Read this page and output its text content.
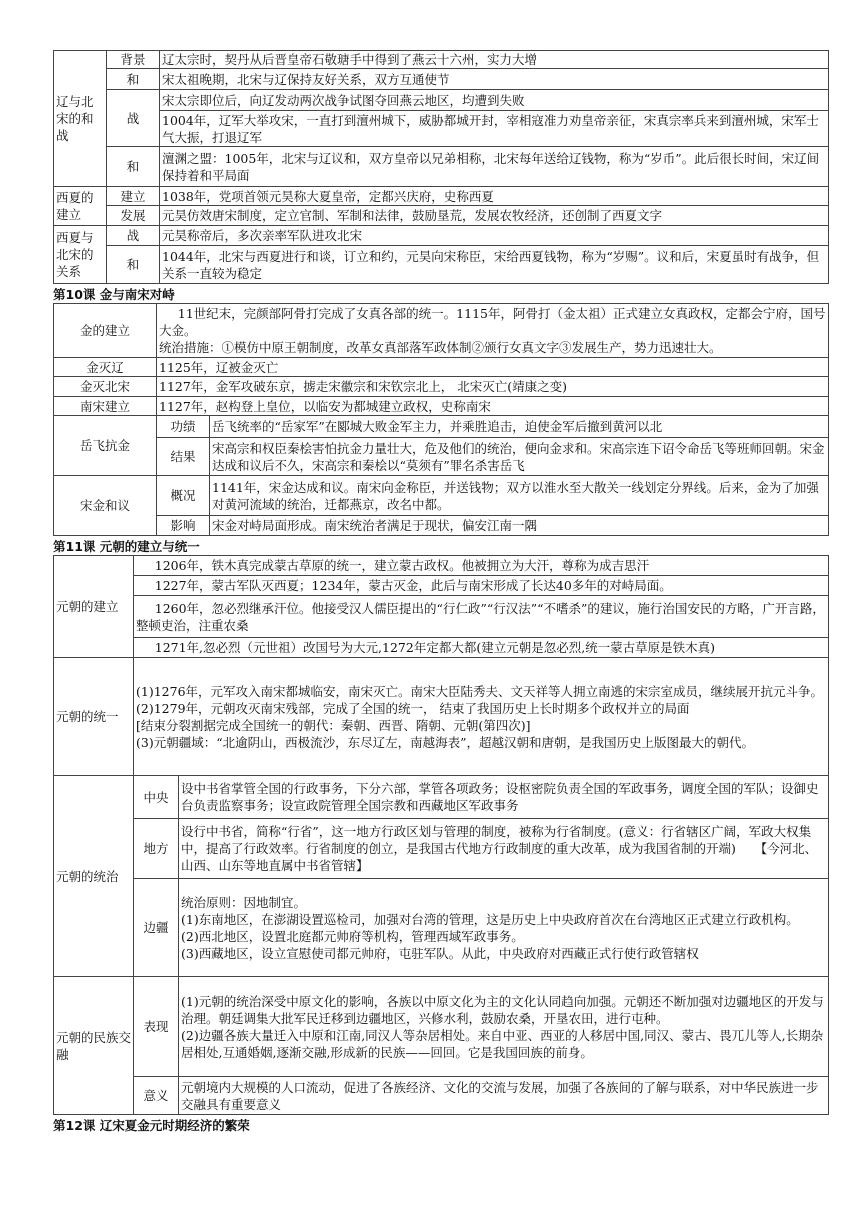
辽与北宋的和战	背景	辽太宗时，契丹从后晋皇帝石敬瑭手中得到了燕云十六州，实力大增
	和	宋太祖晚期，北宋与辽保持友好关系，双方互通使节
	战	宋太宗即位后，向辽发动两次战争试图夺回燕云地区，均遭到失败
		1004年，辽军大举攻宋，一直打到澶州城下，威胁都城开封，宰相寇准力劝皇帝亲征，宋真宗率兵来到澶州城，宋军士气大振，打退辽军
	和	澶渊之盟：1005年，北宋与辽议和，双方皇帝以兄弟相称，北宋每年送给辽钱物，称为“岁币”。此后很长时间，宋辽间保持着和平局面
西夏的建立	建立	1038年，党项首领元昊称大夏皇帝，定都兴庆府，史称西夏
	发展	元昊仿效唐宋制度，定立官制、军制和法律，鼓励垦荒，发展农牧经济，还创制了西夏文字
西夏与北宋的关系	战	元昊称帝后，多次亲率军队进攻北宋
	和	1044年，北宋与西夏进行和谈，订立和约，元昊向宋称臣，宋给西夏钱物，称为“岁赐”。议和后，宋夏虽时有战争，但关系一直较为稳定
第10课 金与南宋对峙
金的建立	11世纪末，完颜部阿骨打完成了女真各部的统一。1115年，阿骨打（金太祖）正式建立女真政权，定都会宁府，国号大金。
统治措施：①模仿中原王朝制度，改革女真部落军政体制②颁行女真文字③发展生产，势力迅速壮大。	

金灭辽	1125年，辽被金灭亡	
金灭北宋	1127年，金军攻破东京，掳走宋徽宗和宋钦宗北上， 北宋灭亡(靖康之变)	
南宋建立	1127年，赵构登上皇位，以临安为都城建立政权，史称南宋	
岳飞抗金	功绩	岳飞统率的“岳家军”在郾城大败金军主力，并乘胜追击，迫使金军后撤到黄河以北
	结果	宋高宗和权臣秦桧害怕抗金力量壮大，危及他们的统治，便向金求和。宋高宗连下诏令命岳飞等班师回朝。宋金达成和议后不久，宋高宗和秦桧以“莫须有”罪名杀害岳飞
宋金和议	概况	1141年，宋金达成和议。南宋向金称臣，并送钱物；双方以淮水至大散关一线划定分界线。后来，金为了加强对黄河流域的统治，迁都燕京，改名中都。
	影响	宋金对峙局面形成。南宋统治者满足于现状，偏安江南一隅
第11课 元朝的建立与统一
元朝的建立	1206年，铁木真完成蒙古草原的统一，建立蒙古政权。他被拥立为大汗，尊称为成吉思汗	
	1227年，蒙古军队灭西夏；1234年，蒙古灭金，此后与南宋形成了长达40多年的对峙局面。	
	1260年，忽必烈继承汗位。他接受汉人儒臣提出的“行仁政”“行汉法”“不嗜杀”的建议，施行治国安民的方略，广开言路，整顿吏治，注重农桑	
	1271年,忽必烈（元世祖）改国号为大元,1272年定都大都(建立元朝是忽必烈,统一蒙古草原是铁木真)	
元朝的统一	(1)1276年，元军攻入南宋都城临安，南宋灭亡。南宋大臣陆秀夫、文天祥等人拥立南逃的宋宗室成员，继续展开抗元斗争。
(2)1279年，元朝攻灭南宋残部，完成了全国的统一， 结束了我国历史上长时期多个政权并立的局面
[结束分裂割据完成全国统一的朝代：秦朝、西晋、隋朝、元朝(第四次)]
(3)元朝疆域：“北逾阴山，西极流沙，东尽辽左，南越海表”，超越汉朝和唐朝，是我国历史上版图最大的朝代。	

元朝的统治	中央	设中书省掌管全国的行政事务，下分六部，掌管各项政务；设枢密院负责全国的军政事务，调度全国的军队；设御史台负责监察事务；设宣政院管理全国宗教和西藏地区军政事务
	地方	设行中书省，简称“行省”，这一地方行政区划与管理的制度，被称为行省制度。(意义：行省辖区广阔，军政大权集中，提高了行政效率。行省制度的创立，是我国古代地方行政制度的重大改革，成为我国省制的开端)　　【今河北、山西、山东等地直属中书省管辖】
	边疆	统治原则：因地制宜。
(1)东南地区，在澎湖设置巡检司，加强对台湾的管理，这是历史上中央政府首次在台湾地区正式建立行政机构。
(2)西北地区，设置北庭都元帅府等机构，管理西域军政事务。
(3)西藏地区，设立宣慰使司都元帅府，屯驻军队。从此，中央政府对西藏正式行使行政管辖权

元朝的民族交融	表现	(1)元朝的统治深受中原文化的影响，各族以中原文化为主的文化认同趋向加强。元朝还不断加强对边疆地区的开发与治理。朝廷调集大批军民迁移到边疆地区，兴修水利，鼓励农桑，开垦农田，进行屯种。
(2)边疆各族大量迁入中原和江南,同汉人等杂居相处。来自中亚、西亚的人移居中国,同汉、蒙古、畏兀儿等人,长期杂居相处,互通婚姻,逐渐交融,形成新的民族——回回。它是我国回族的前身。

	意义	元朝境内大规模的人口流动，促进了各族经济、文化的交流与发展，加强了各族间的了解与联系，对中华民族进一步交融具有重要意义
第12课 辽宋夏金元时期经济的繁荣
